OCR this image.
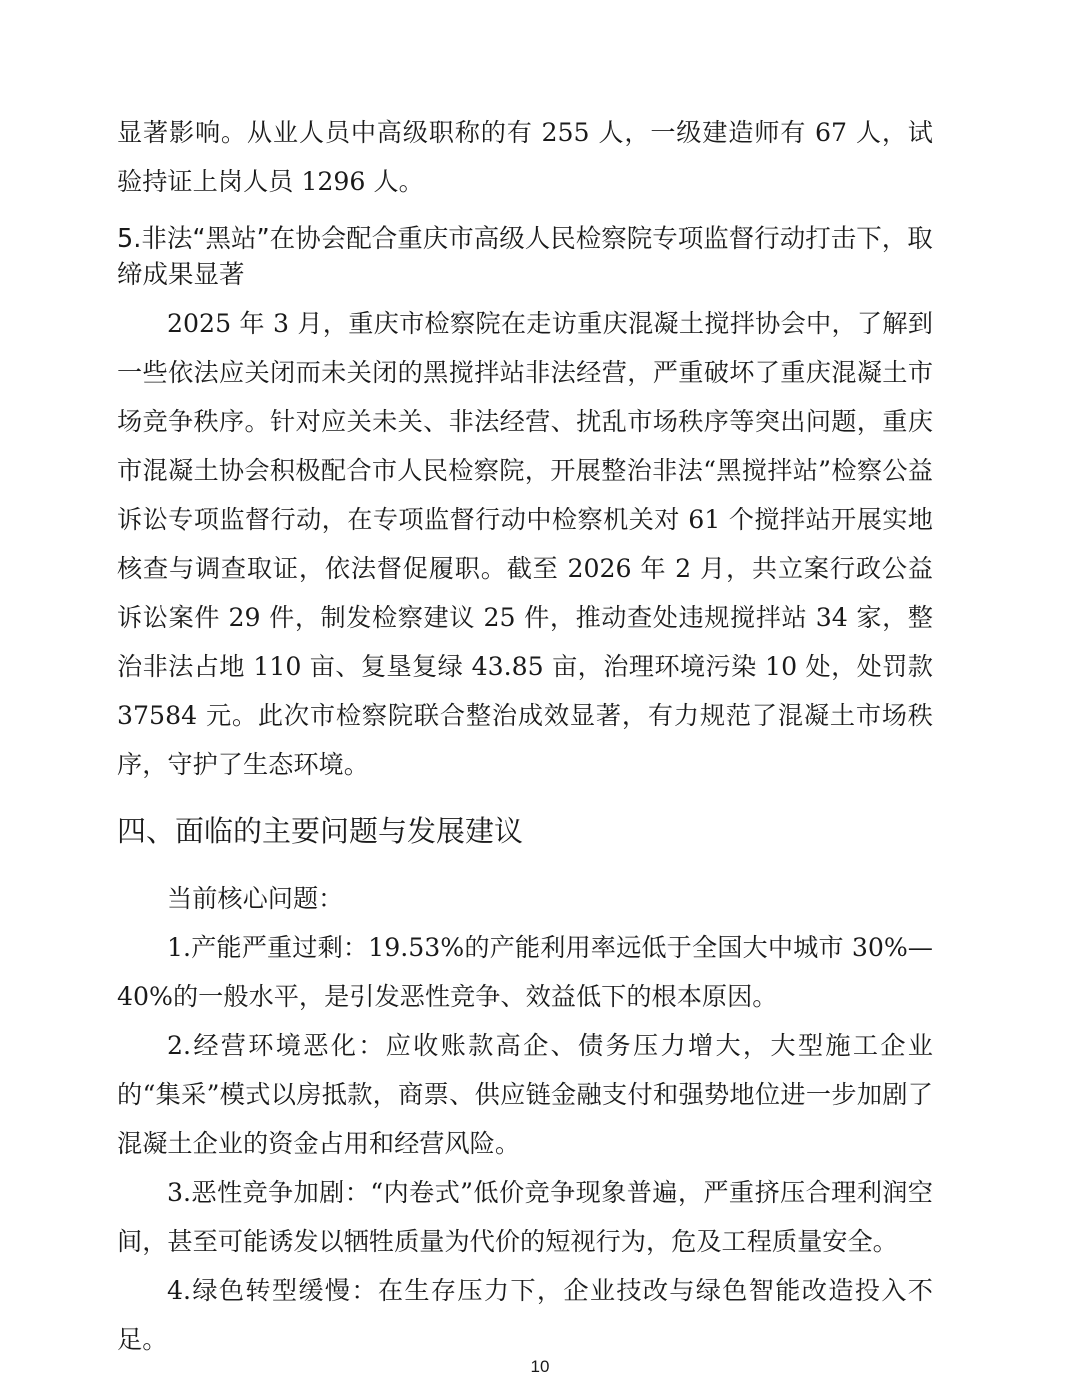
显著影响。从业人员中高级职称的有 255 人，一级建造师有 67 人，试验持证上岗人员 1296 人。

5.非法“黑站”在协会配合重庆市高级人民检察院专项监督行动打击下，取缔成果显著

2025 年 3 月，重庆市检察院在走访重庆混凝土搅拌协会中，了解到一些依法应关闭而未关闭的黑搅拌站非法经营，严重破坏了重庆混凝土市场竞争秩序。针对应关未关、非法经营、扰乱市场秩序等突出问题，重庆市混凝土协会积极配合市人民检察院，开展整治非法“黑搅拌站”检察公益诉讼专项监督行动，在专项监督行动中检察机关对 61 个搅拌站开展实地核查与调查取证，依法督促履职。截至 2026 年 2 月，共立案行政公益诉讼案件 29 件，制发检察建议 25 件，推动查处违规搅拌站 34 家，整治非法占地 110 亩、复垦复绿 43.85 亩，治理环境污染 10 处，处罚款 37584 元。此次市检察院联合整治成效显著，有力规范了混凝土市场秩序，守护了生态环境。

四、面临的主要问题与发展建议

当前核心问题：

1.产能严重过剩：19.53%的产能利用率远低于全国大中城市 30%—40%的一般水平，是引发恶性竞争、效益低下的根本原因。

2.经营环境恶化：应收账款高企、债务压力增大，大型施工企业的“集采”模式以房抵款，商票、供应链金融支付和强势地位进一步加剧了混凝土企业的资金占用和经营风险。

3.恶性竞争加剧：“内卷式”低价竞争现象普遍，严重挤压合理利润空间，甚至可能诱发以牺牲质量为代价的短视行为，危及工程质量安全。

4.绿色转型缓慢：在生存压力下，企业技改与绿色智能改造投入不足。

10
